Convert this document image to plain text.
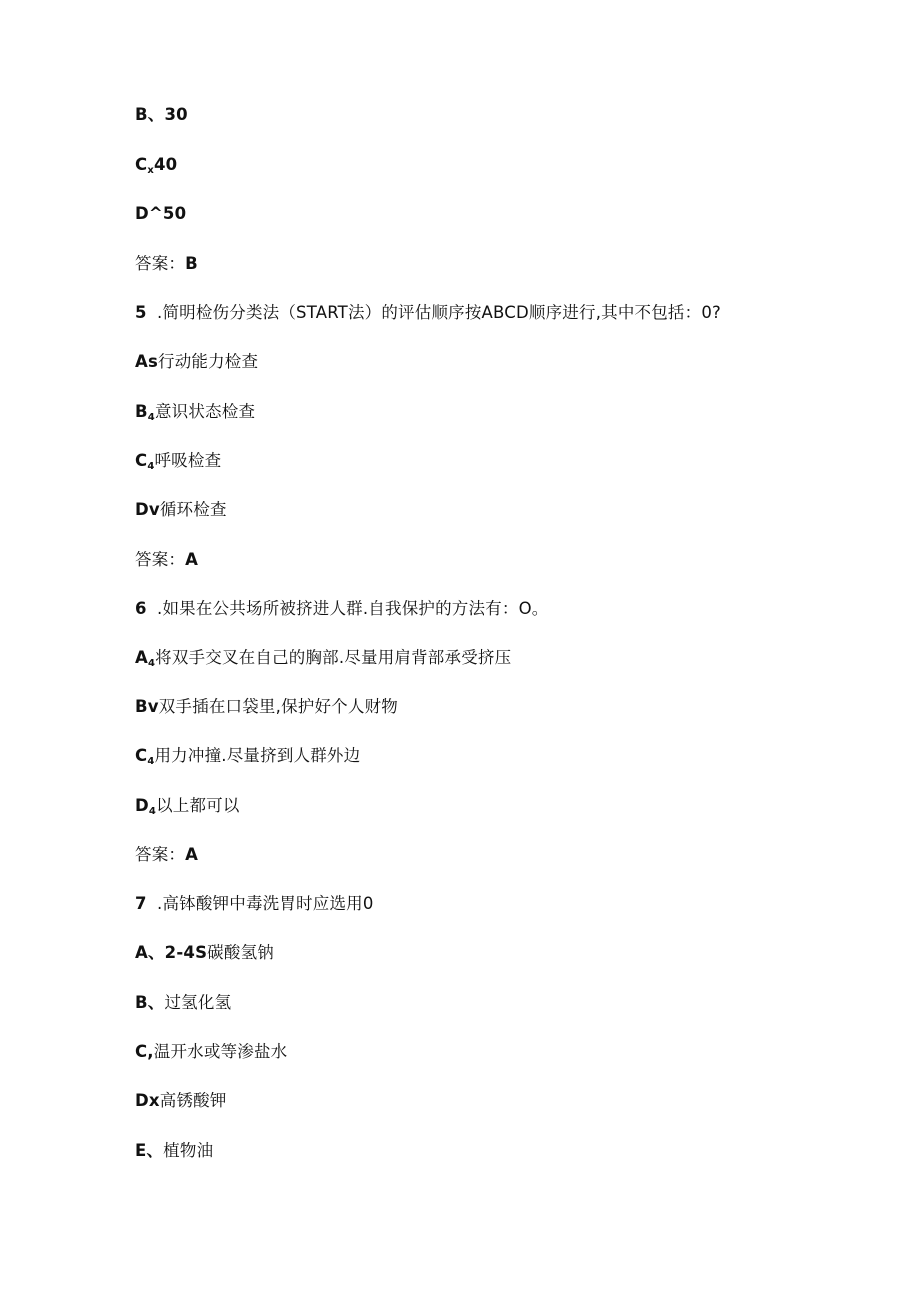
B、30
Cx40
D^50
答案：B
5 .简明检伤分类法（START法）的评估顺序按ABCD顺序进行,其中不包括：0?
As行动能力检查
B4意识状态检查
C4呼吸检查
Dv循环检查
答案：A
6 .如果在公共场所被挤进人群.自我保护的方法有：O。
A4将双手交叉在自己的胸部.尽量用肩背部承受挤压
Bv双手插在口袋里,保护好个人财物
C4用力冲撞.尽量挤到人群外边
D4以上都可以
答案：A
7 .高钵酸钾中毒洗胃时应选用0
A、2-4S碳酸氢钠
B、过氢化氢
C,温开水或等渗盐水
Dx高锈酸钾
E、植物油
